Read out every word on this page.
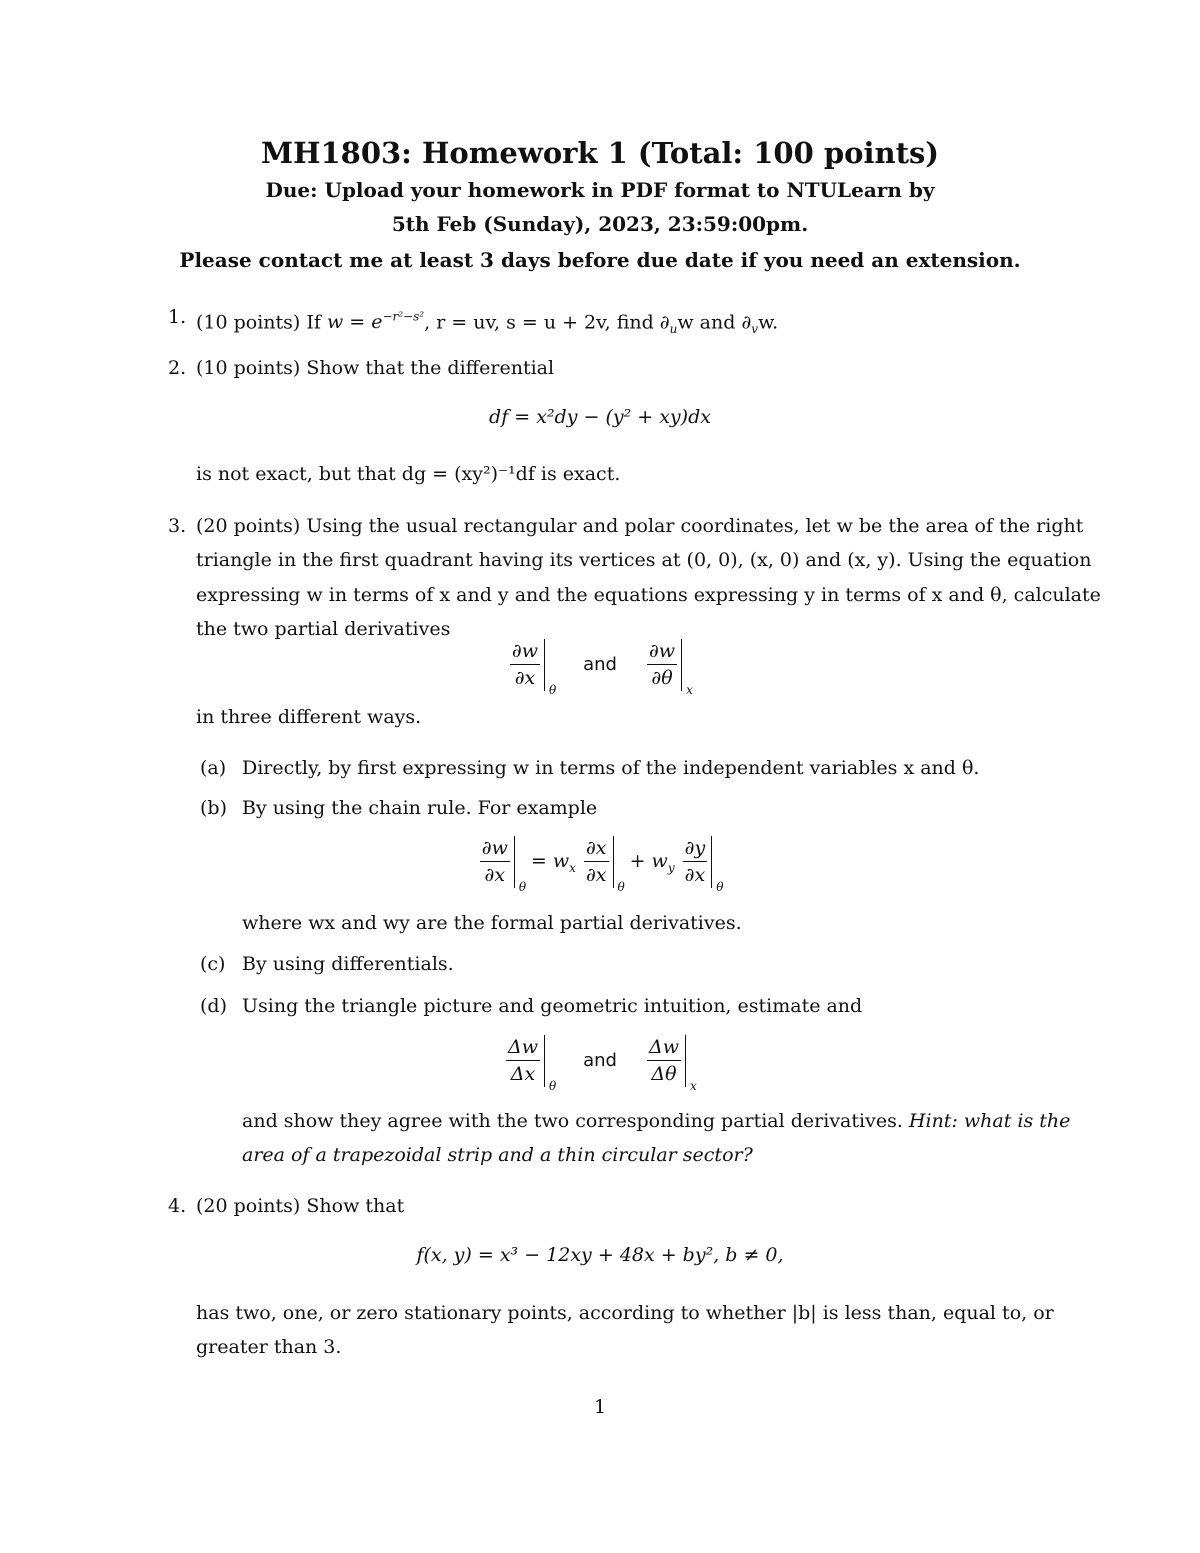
MH1803: Homework 1 (Total: 100 points)
Due: Upload your homework in PDF format to NTULearn by
5th Feb (Sunday), 2023, 23:59:00pm.
Please contact me at least 3 days before due date if you need an extension.
1. (10 points) If $w = e^{-r^2-s^2}$, r = uv, s = u + 2v, find $\partial_uw$ and $\partial_vw$.
2. (10 points) Show that the differential
df = x²dy − (y² + xy)dx
is not exact, but that dg = (xy²)⁻¹df is exact.
3. (20 points) Using the usual rectangular and polar coordinates, let w be the area of the right
triangle in the first quadrant having its vertices at (0, 0), (x, 0) and (x, y). Using the equation
expressing w in terms of x and y and the equations expressing y in terms of x and θ, calculate
the two partial derivatives
$\frac{\partial w}{\partial x}$ θ
and $\frac{\partial w}{\partial\theta}$ x
in three different ways.
(a) Directly, by first expressing w in terms of the independent variables x and θ.
(b) By using the chain rule. For example
$\frac{\partial w}{\partial x}$ θ
= $w_x \frac{\partial x}{\partial x}$ θ
+ $w_y \frac{\partial y}{\partial x}$ θ
where wx and wy are the formal partial derivatives.
(c) By using differentials.
(d) Using the triangle picture and geometric intuition, estimate and
$\frac{\Delta w}{\Delta x}$ θ
and $\frac{\Delta w}{\Delta\theta}$ x
and show they agree with the two corresponding partial derivatives. Hint: what is the
area of a trapezoidal strip and a thin circular sector?
4. (20 points) Show that
f(x, y) = x³ − 12xy + 48x + by², b ≠ 0,
has two, one, or zero stationary points, according to whether |b| is less than, equal to, or
greater than 3.
1
